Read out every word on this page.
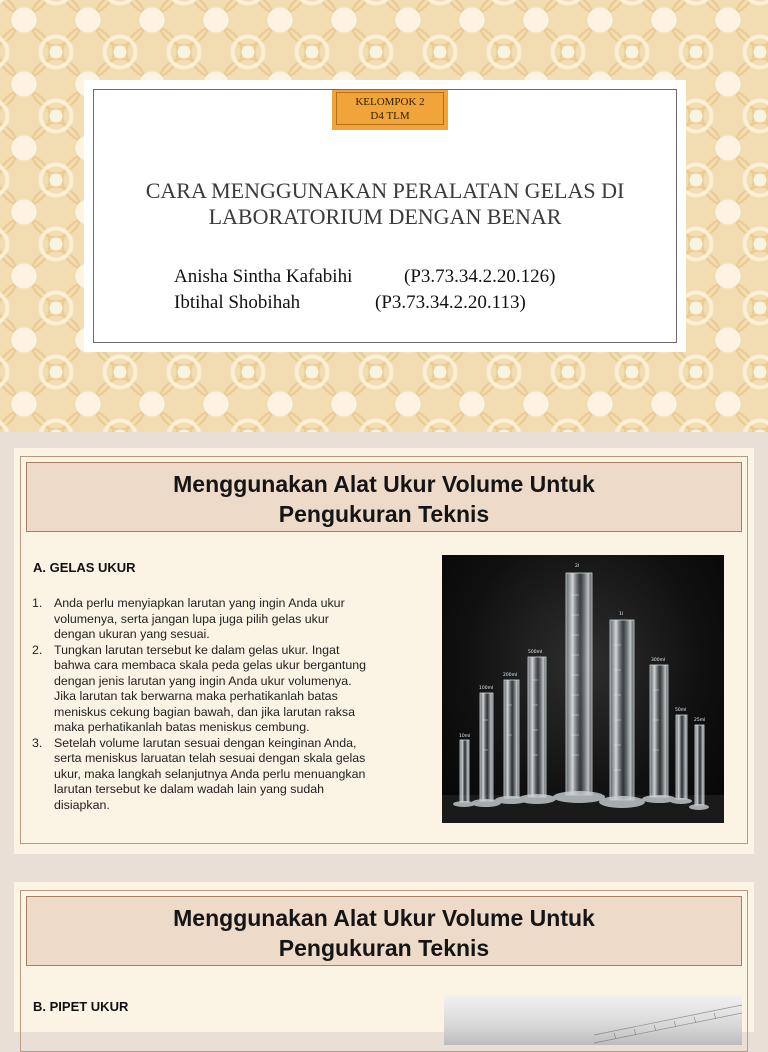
KELOMPOK 2
D4 TLM
CARA MENGGUNAKAN PERALATAN GELAS DI
LABORATORIUM DENGAN BENAR
Anisha Sintha Kafabihi	(P3.73.34.2.20.126)
Ibtihal Shobihah	(P3.73.34.2.20.113)
Menggunakan Alat Ukur Volume Untuk
Pengukuran Teknis
A. GELAS UKUR
1. Anda perlu menyiapkan larutan yang ingin Anda ukur
volumenya, serta jangan lupa juga pilih gelas ukur
dengan ukuran yang sesuai.
2. Tungkan larutan tersebut ke dalam gelas ukur. Ingat
bahwa cara membaca skala peda gelas ukur bergantung
dengan jenis larutan yang ingin Anda ukur volumenya.
Jika larutan tak berwarna maka perhatikanlah batas
meniskus cekung bagian bawah, dan jika larutan raksa
maka perhatikanlah batas meniskus cembung.
3. Setelah volume larutan sesuai dengan keinginan Anda,
serta meniskus laruatan telah sesuai dengan skala gelas
ukur, maka langkah selanjutnya Anda perlu menuangkan
larutan tersebut ke dalam wadah lain yang sudah
disiapkan.
10ml
100ml
200ml
500ml
2l
1l
300ml
50ml
25ml
Menggunakan Alat Ukur Volume Untuk
Pengukuran Teknis
B. PIPET UKUR
